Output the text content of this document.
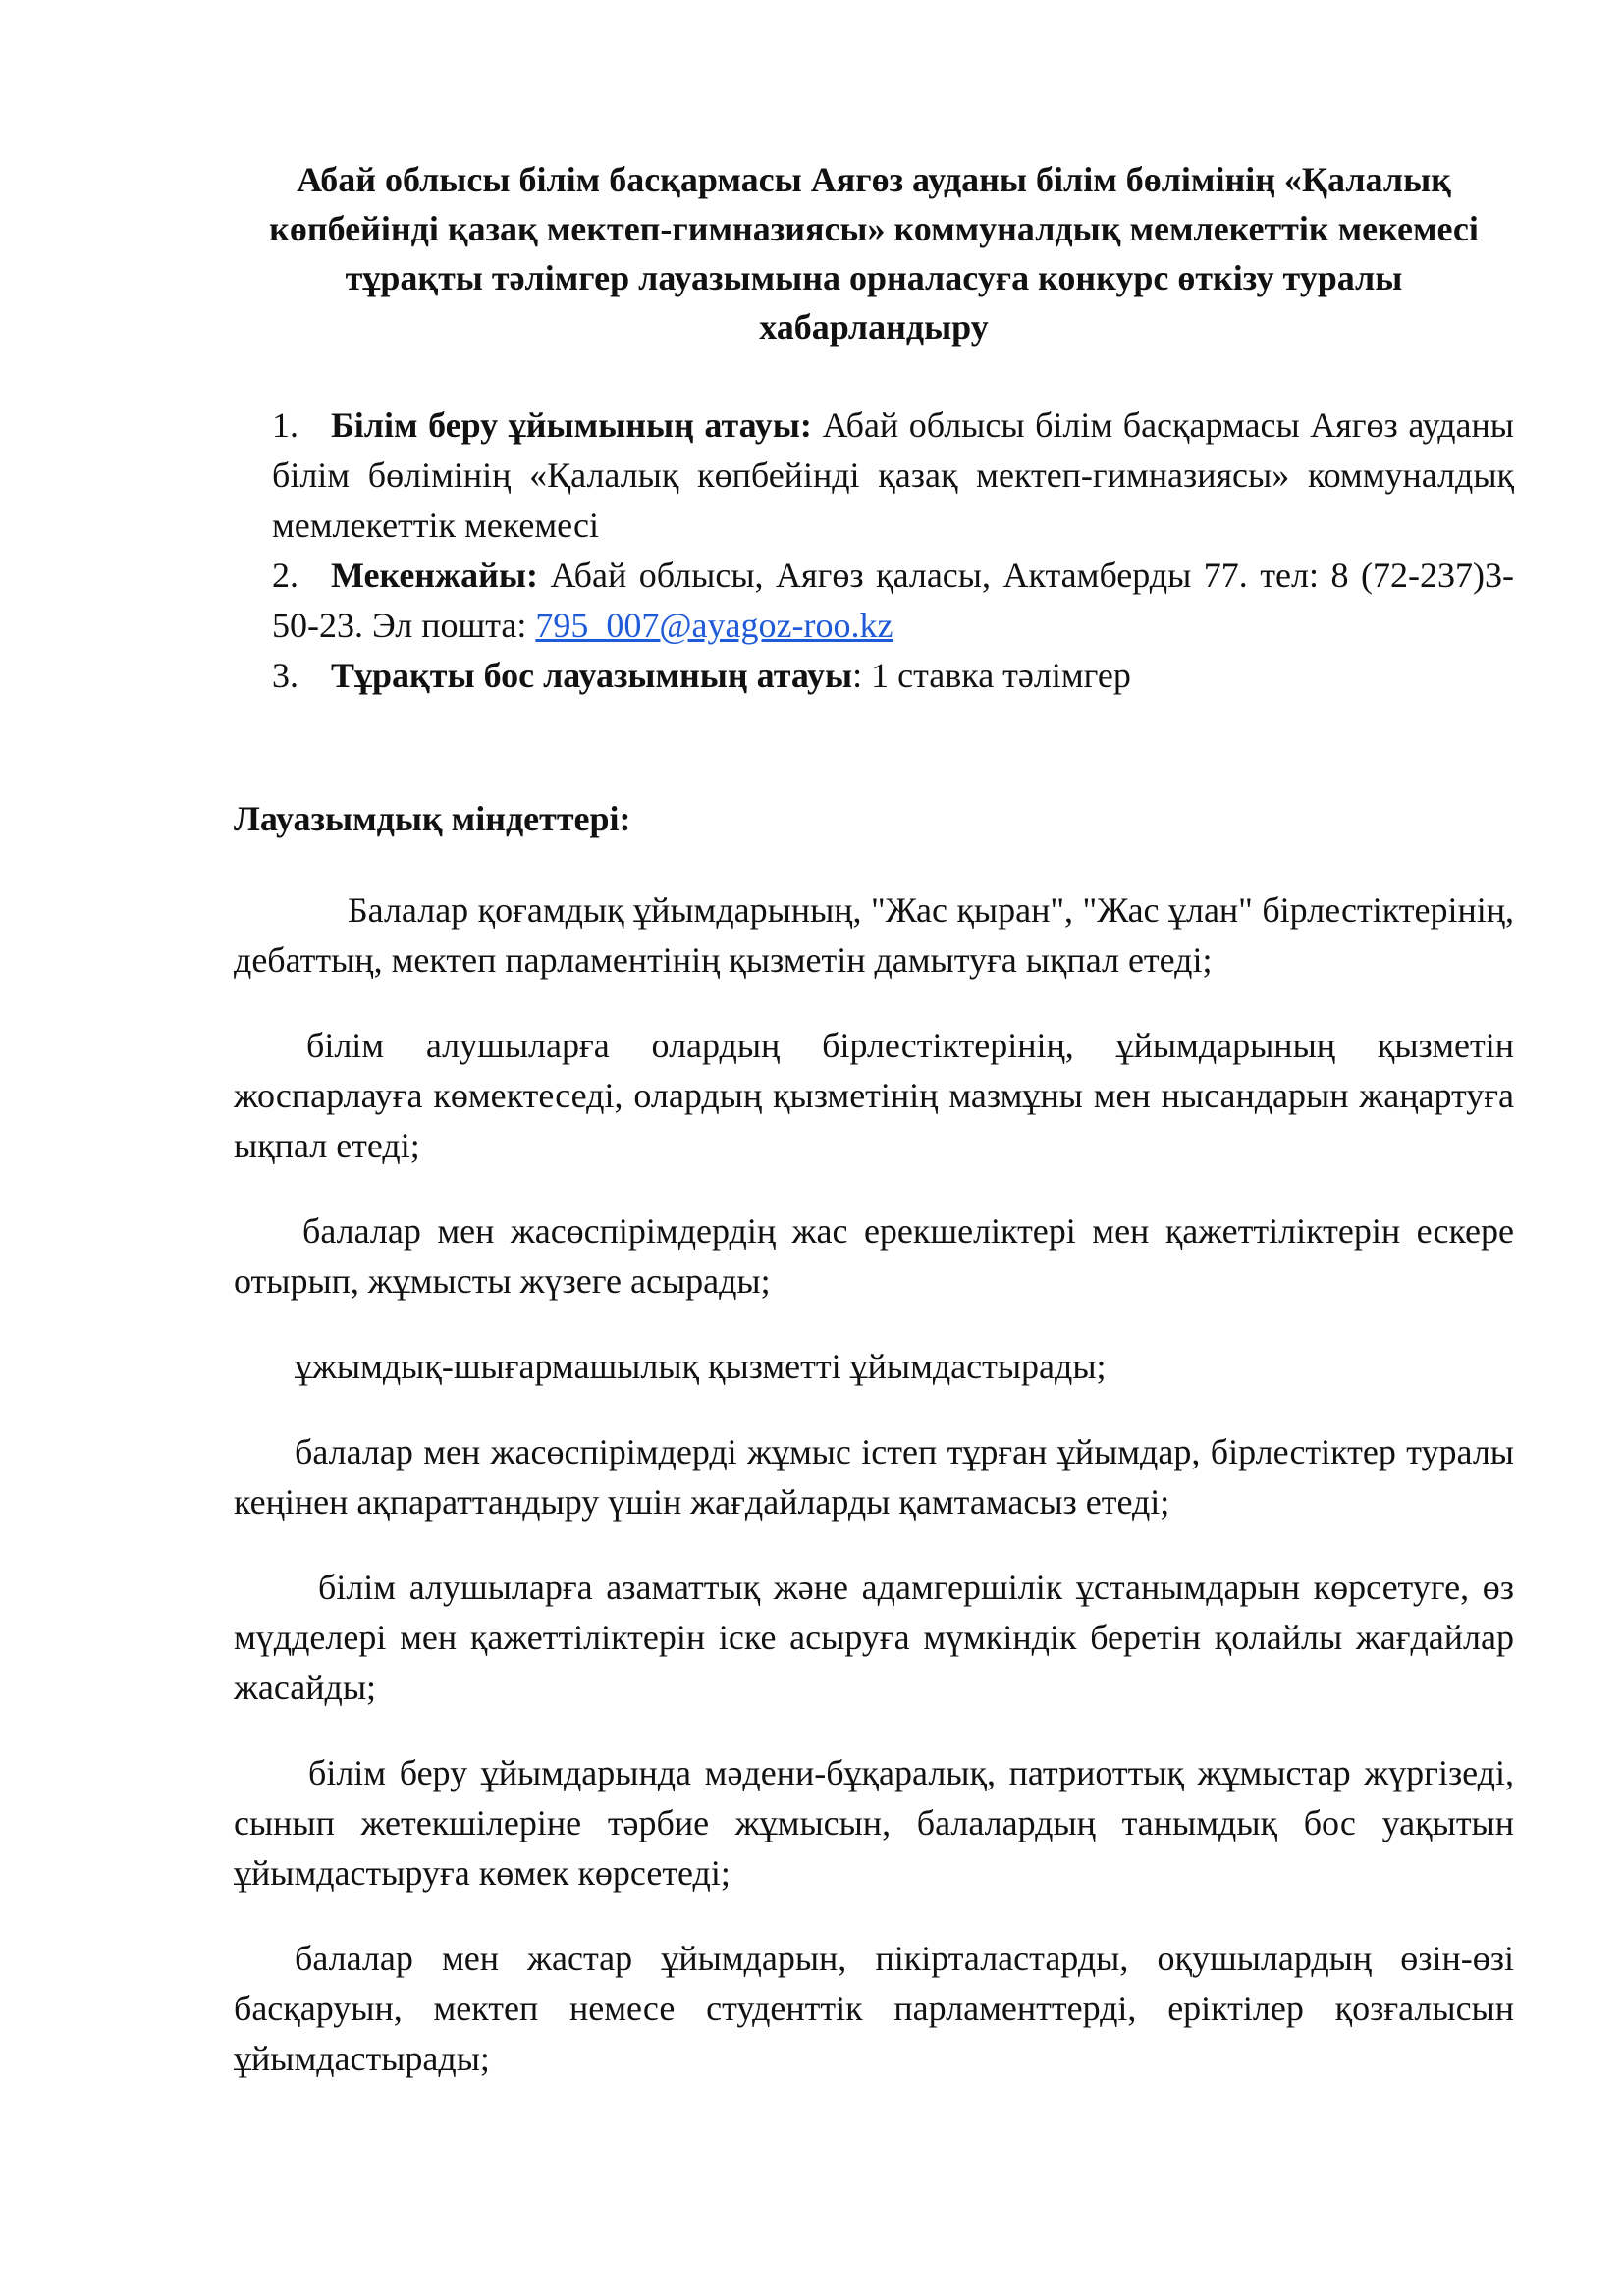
Абай облысы білім басқармасы Аягөз ауданы білім бөлімінің «Қалалық көпбейінді қазақ мектеп-гимназиясы» коммуналдық мемлекеттік мекемесі тұрақты тәлімгер лауазымына орналасуға конкурс өткізу туралы хабарландыру
1. Білім беру ұйымының атауы: Абай облысы білім басқармасы Аягөз ауданы білім бөлімінің «Қалалық көпбейінді қазақ мектеп-гимназиясы» коммуналдық мемлекеттік мекемесі
2. Мекенжайы: Абай облысы, Аягөз қаласы, Актамберды 77. тел: 8 (72-237)3-50-23. Эл пошта: 795_007@ayagoz-roo.kz
3. Тұрақты бос лауазымның атауы: 1 ставка тәлімгер
Лауазымдық міндеттері:

Балалар қоғамдық ұйымдарының, "Жас қыран", "Жас ұлан" бірлестіктерінің, дебаттың, мектеп парламентінің қызметін дамытуға ықпал етеді;

білім алушыларға олардың бірлестіктерінің, ұйымдарының қызметін жоспарлауға көмектеседі, олардың қызметінің мазмұны мен нысандарын жаңартуға ықпал етеді;

балалар мен жасөспірімдердің жас ерекшеліктері мен қажеттіліктерін ескере отырып, жұмысты жүзеге асырады;

ұжымдық-шығармашылық қызметті ұйымдастырады;

балалар мен жасөспірімдерді жұмыс істеп тұрған ұйымдар, бірлестіктер туралы кеңінен ақпараттандыру үшін жағдайларды қамтамасыз етеді;

білім алушыларға азаматтық және адамгершілік ұстанымдарын көрсетуге, өз мүдделері мен қажеттіліктерін іске асыруға мүмкіндік беретін қолайлы жағдайлар жасайды;

білім беру ұйымдарында мәдени-бұқаралық, патриоттық жұмыстар жүргізеді, сынып жетекшілеріне тәрбие жұмысын, балалардың танымдық бос уақытын ұйымдастыруға көмек көрсетеді;

балалар мен жастар ұйымдарын, пікірталастарды, оқушылардың өзін-өзі басқаруын, мектеп немесе студенттік парламенттерді, еріктілер қозғалысын ұйымдастырады;
